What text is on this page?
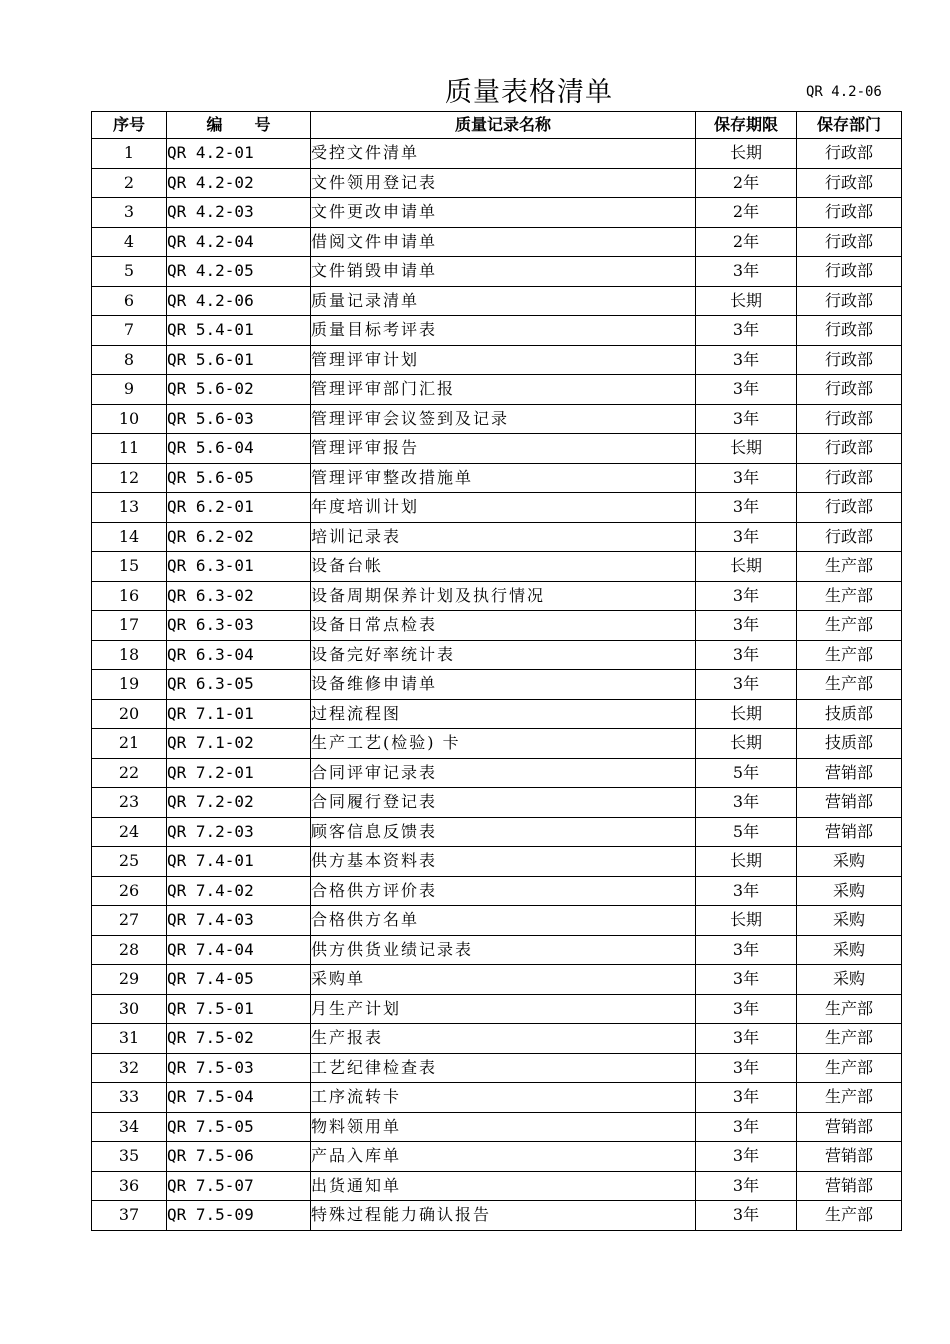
质量表格清单	QR 4.2-06
序号	编　　号	质量记录名称	保存期限	保存部门
1	QR 4.2-01	受控文件清单	长期	行政部
2	QR 4.2-02	文件领用登记表	2年	行政部
3	QR 4.2-03	文件更改申请单	2年	行政部
4	QR 4.2-04	借阅文件申请单	2年	行政部
5	QR 4.2-05	文件销毁申请单	3年	行政部
6	QR 4.2-06	质量记录清单	长期	行政部
7	QR 5.4-01	质量目标考评表	3年	行政部
8	QR 5.6-01	管理评审计划	3年	行政部
9	QR 5.6-02	管理评审部门汇报	3年	行政部
10	QR 5.6-03	管理评审会议签到及记录	3年	行政部
11	QR 5.6-04	管理评审报告	长期	行政部
12	QR 5.6-05	管理评审整改措施单	3年	行政部
13	QR 6.2-01	年度培训计划	3年	行政部
14	QR 6.2-02	培训记录表	3年	行政部
15	QR 6.3-01	设备台帐	长期	生产部
16	QR 6.3-02	设备周期保养计划及执行情况	3年	生产部
17	QR 6.3-03	设备日常点检表	3年	生产部
18	QR 6.3-04	设备完好率统计表	3年	生产部
19	QR 6.3-05	设备维修申请单	3年	生产部
20	QR 7.1-01	过程流程图	长期	技质部
21	QR 7.1-02	生产工艺(检验) 卡	长期	技质部
22	QR 7.2-01	合同评审记录表	5年	营销部
23	QR 7.2-02	合同履行登记表	3年	营销部
24	QR 7.2-03	顾客信息反馈表	5年	营销部
25	QR 7.4-01	供方基本资料表	长期	采购
26	QR 7.4-02	合格供方评价表	3年	采购
27	QR 7.4-03	合格供方名单	长期	采购
28	QR 7.4-04	供方供货业绩记录表	3年	采购
29	QR 7.4-05	采购单	3年	采购
30	QR 7.5-01	月生产计划	3年	生产部
31	QR 7.5-02	生产报表	3年	生产部
32	QR 7.5-03	工艺纪律检查表	3年	生产部
33	QR 7.5-04	工序流转卡	3年	生产部
34	QR 7.5-05	物料领用单	3年	营销部
35	QR 7.5-06	产品入库单	3年	营销部
36	QR 7.5-07	出货通知单	3年	营销部
37	QR 7.5-09	特殊过程能力确认报告	3年	生产部
